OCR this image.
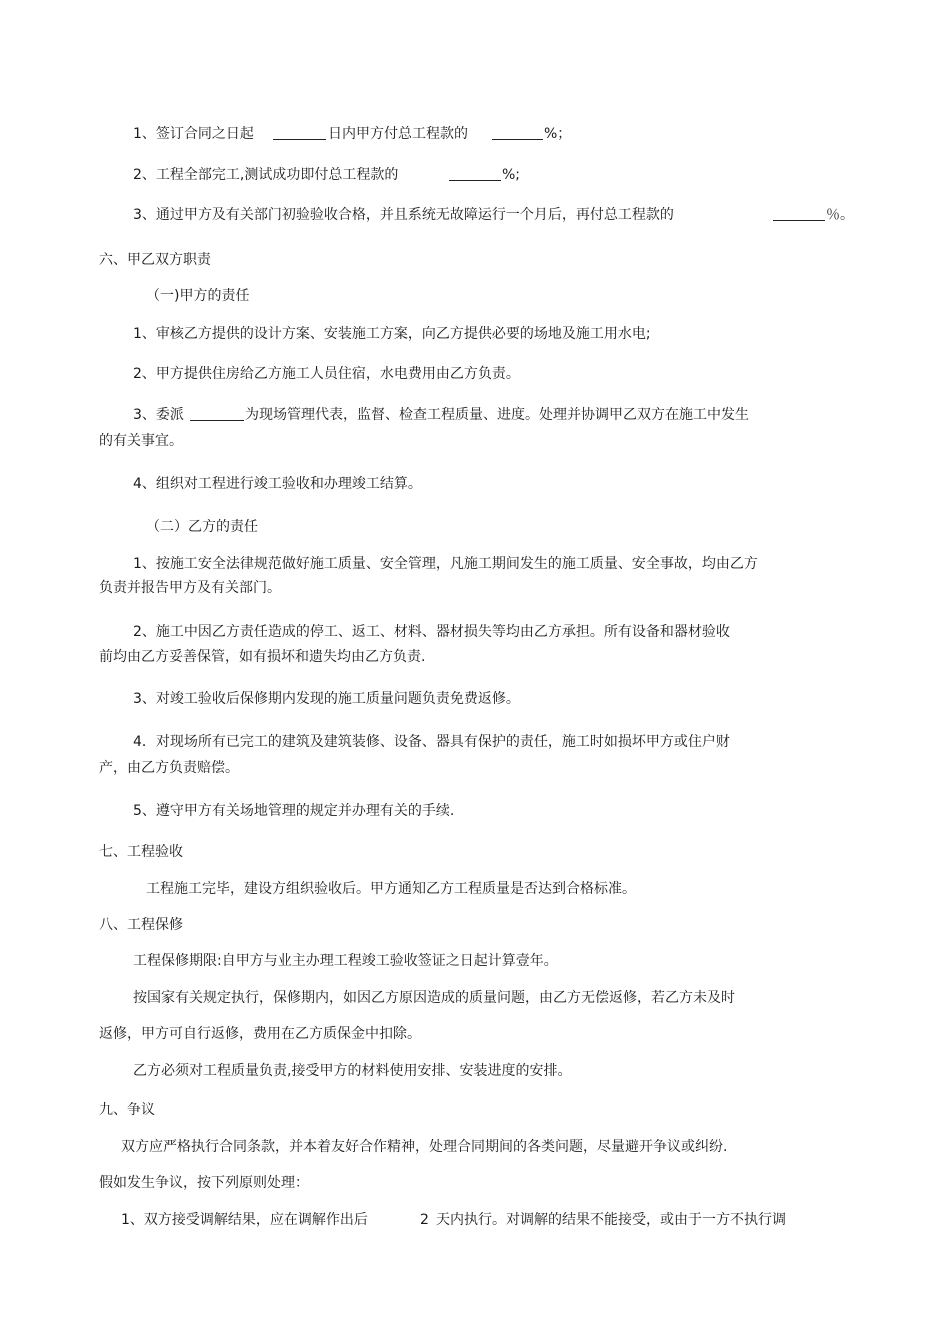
1、签订合同之日起	日内甲方付总工程款的	%；
2、工程全部完工,测试成功即付总工程款的	%;
3、通过甲方及有关部门初验验收合格，并且系统无故障运行一个月后，再付总工程款的	％。
六、甲乙双方职责
（一)甲方的责任
1、审核乙方提供的设计方案、安装施工方案，向乙方提供必要的场地及施工用水电;
2、甲方提供住房给乙方施工人员住宿，水电费用由乙方负责。
3、委派	为现场管理代表，监督、检查工程质量、进度。处理并协调甲乙双方在施工中发生
的有关事宜。
4、组织对工程进行竣工验收和办理竣工结算。
（二）乙方的责任
1、按施工安全法律规范做好施工质量、安全管理，凡施工期间发生的施工质量、安全事故，均由乙方
负责并报告甲方及有关部门。
2、施工中因乙方责任造成的停工、返工、材料、器材损失等均由乙方承担。所有设备和器材验收
前均由乙方妥善保管，如有损坏和遗失均由乙方负责.
3、对竣工验收后保修期内发现的施工质量问题负责免费返修。
4．对现场所有已完工的建筑及建筑装修、设备、器具有保护的责任，施工时如损坏甲方或住户财
产，由乙方负责赔偿。
5、遵守甲方有关场地管理的规定并办理有关的手续.
七、工程验收
工程施工完毕，建设方组织验收后。甲方通知乙方工程质量是否达到合格标准。
八、工程保修
工程保修期限:自甲方与业主办理工程竣工验收签证之日起计算壹年。
按国家有关规定执行，保修期内，如因乙方原因造成的质量问题，由乙方无偿返修，若乙方未及时
返修，甲方可自行返修，费用在乙方质保金中扣除。
乙方必须对工程质量负责,接受甲方的材料使用安排、安装进度的安排。
九、争议
双方应严格执行合同条款，并本着友好合作精神，处理合同期间的各类问题，尽量避开争议或纠纷.
假如发生争议，按下列原则处理：
1、双方接受调解结果，应在调解作出后	2 天内执行。对调解的结果不能接受，或由于一方不执行调
